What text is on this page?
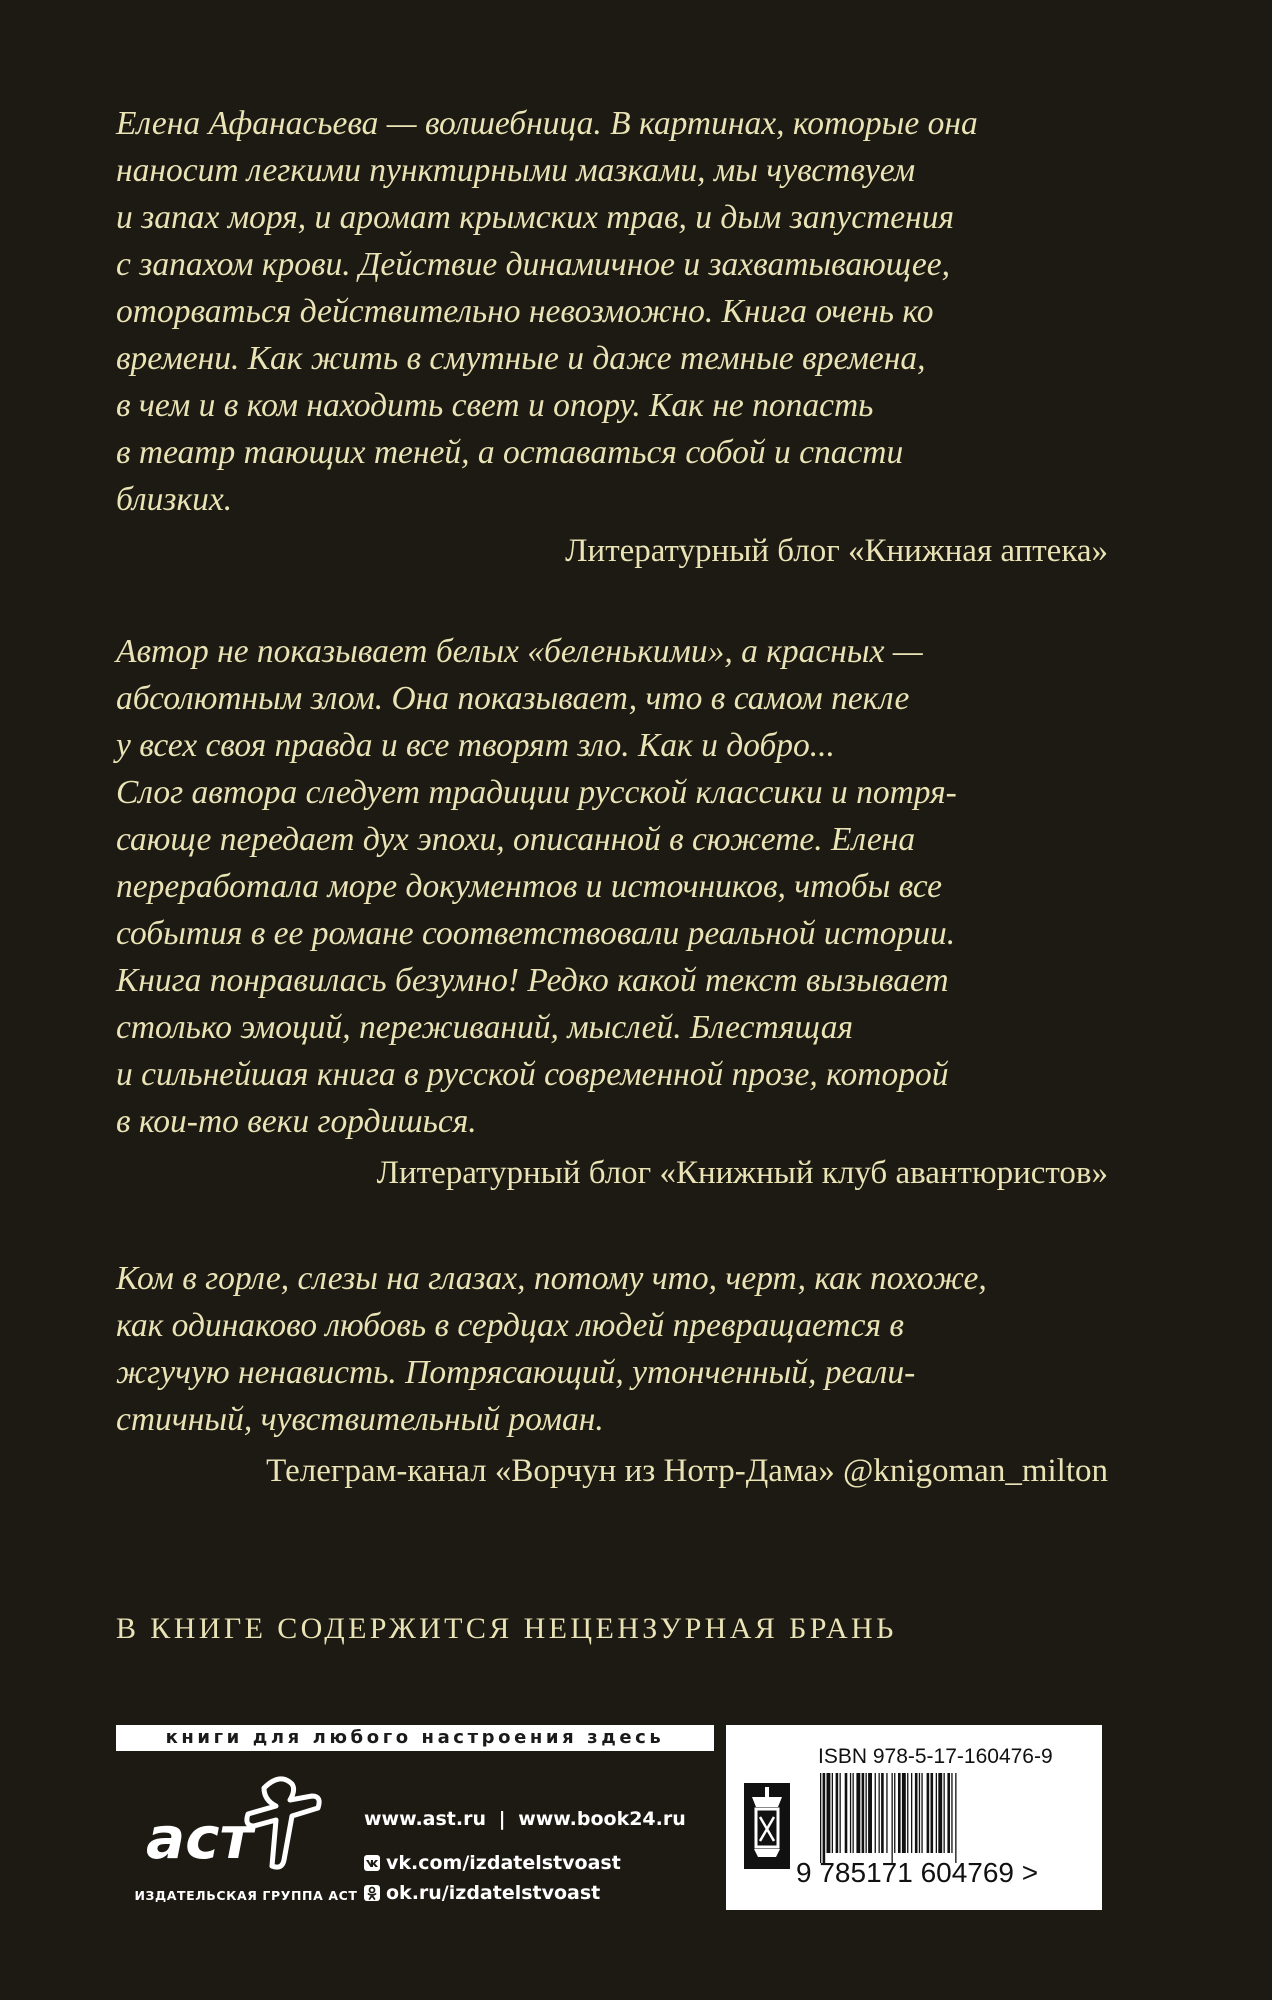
Елена Афанасьева — волшебница. В картинах, которые она
наносит легкими пунктирными мазками, мы чувствуем
и запах моря, и аромат крымских трав, и дым запустения
с запахом крови. Действие динамичное и захватывающее,
оторваться действительно невозможно. Книга очень ко
времени. Как жить в смутные и даже темные времена,
в чем и в ком находить свет и опору. Как не попасть
в театр тающих теней, а оставаться собой и спасти
близких.

Литературный блог «Книжная аптека»

Автор не показывает белых «беленькими», а красных —
абсолютным злом. Она показывает, что в самом пекле
у всех своя правда и все творят зло. Как и добро...
Слог автора следует традиции русской классики и потря-
сающе передает дух эпохи, описанной в сюжете. Елена
переработала море документов и источников, чтобы все
события в ее романе соответствовали реальной истории.
Книга понравилась безумно! Редко какой текст вызывает
столько эмоций, переживаний, мыслей. Блестящая
и сильнейшая книга в русской современной прозе, которой
в кои-то веки гордишься.

Литературный блог «Книжный клуб авантюристов»

Ком в горле, слезы на глазах, потому что, черт, как похоже,
как одинаково любовь в сердцах людей превращается в
жгучую ненависть. Потрясающий, утонченный, реали-
стичный, чувствительный роман.

Телеграм-канал «Ворчун из Нотр-Дама» @knigoman_milton
В КНИГЕ СОДЕРЖИТСЯ НЕЦЕНЗУРНАЯ БРАНЬ
книги для любого настроения здесь
аст
ИЗДАТЕЛЬСКАЯ ГРУППА АСТ
www.ast.ru | www.book24.ru
vk.com/izdatelstvoast
ok.ru/izdatelstvoast
ISBN 978-5-17-160476-9
9 785171 604769 >
